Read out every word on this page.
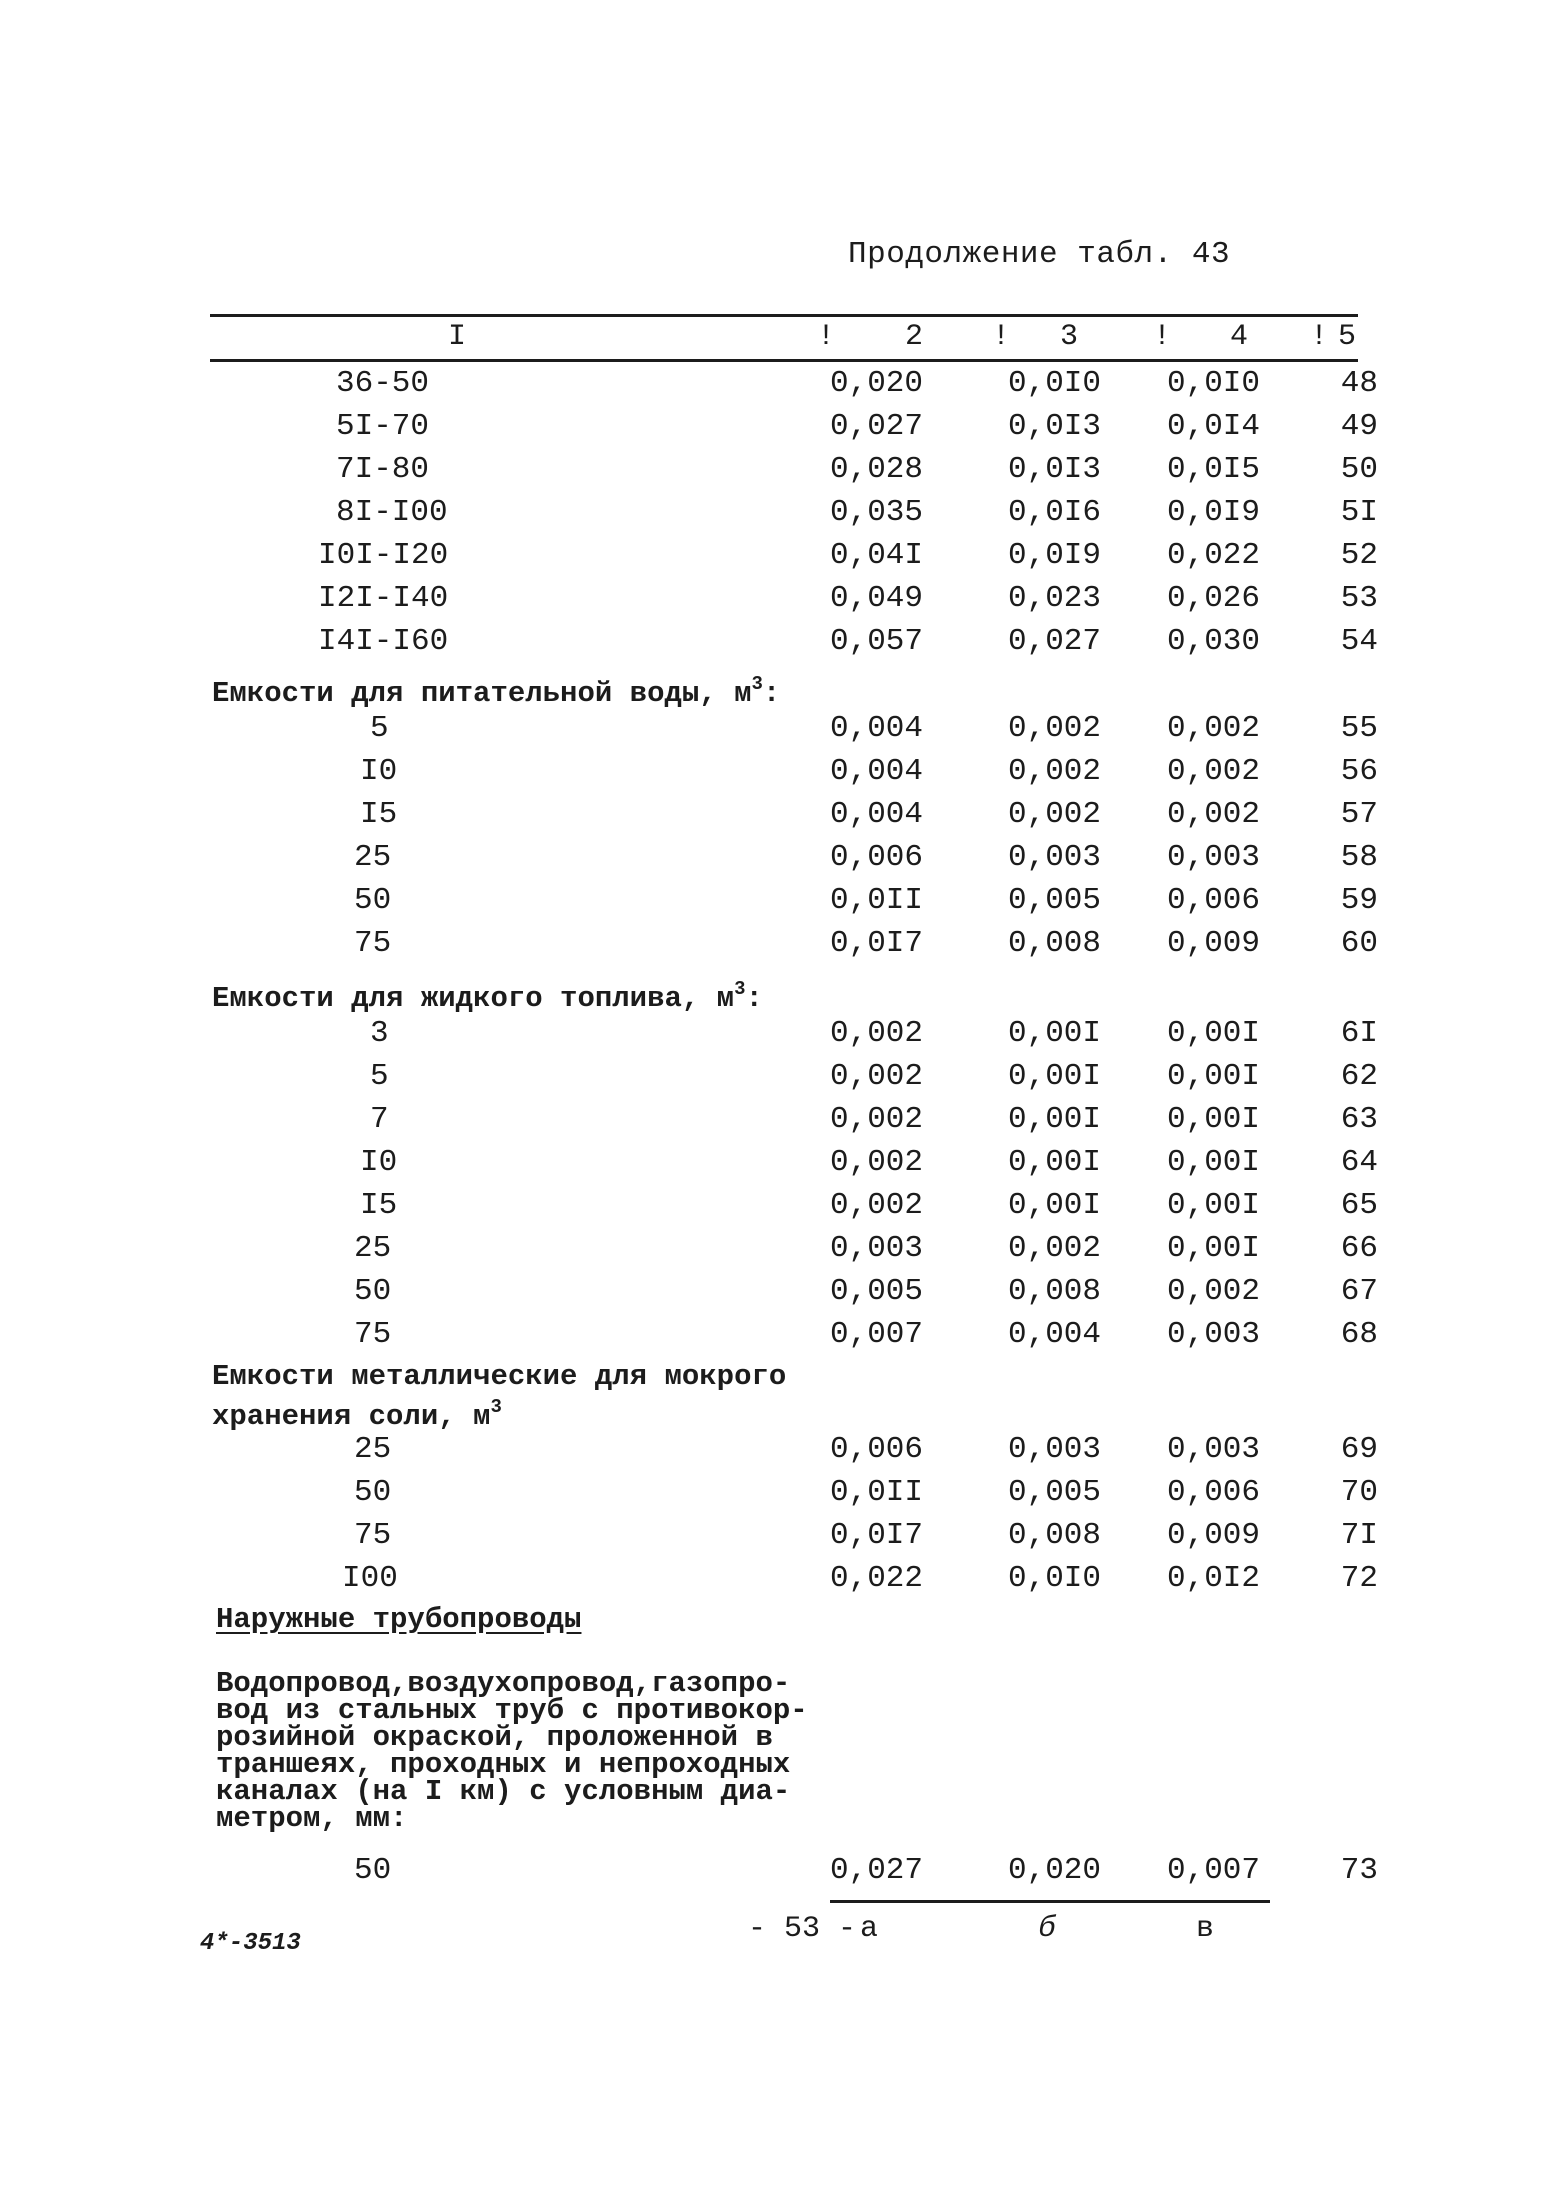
Продолжение табл. 43
I	! 2 ! 3 ! 4 ! 5
36-50	0,020	0,0I0 0,0I0	48
5I-70	0,027	0,0I3 0,0I4	49
7I-80	0,028	0,0I3 0,0I5	50
8I-I00	0,035	0,0I6 0,0I9	5I
I0I-I20	0,04I	0,0I9 0,022	52
I2I-I40	0,049	0,023 0,026	53
I4I-I60	0,057	0,027 0,030	54
Емкости для питательной воды, $м^3$:
5	0,004	0,002 0,002	55
I0	0,004	0,002 0,002	56
I5	0,004	0,002 0,002	57
25	0,006	0,003 0,003	58
50	0,0II	0,005 0,006	59
75	0,0I7	0,008 0,009	60
Емкости для жидкого топлива, $м^3$:
3	0,002	0,00I 0,00I	6I
5	0,002	0,00I 0,00I	62
7	0,002	0,00I 0,00I	63
I0	0,002	0,00I 0,00I	64
I5	0,002	0,00I 0,00I	65
25	0,003	0,002 0,00I	66
50	0,005	0,008 0,002	67
75	0,007	0,004 0,003	68
Емкости металлические для мокрого
хранения соли, $м^3$
25	0,006	0,003 0,003	69
50	0,0II	0,005 0,006	70
75	0,0I7	0,008 0,009	7I
I00	0,022	0,0I0 0,0I2	72
Наружные трубопроводы
Водопровод,воздухопровод,газопро-
вод из стальных труб с противокор-
розийной окраской, проложенной в
траншеях, проходных и непроходных
каналах (на I км) с условным диа-
метром, мм:
50	0,027	0,020 0,007	73
- 53 - а	б	в
4*-3513
